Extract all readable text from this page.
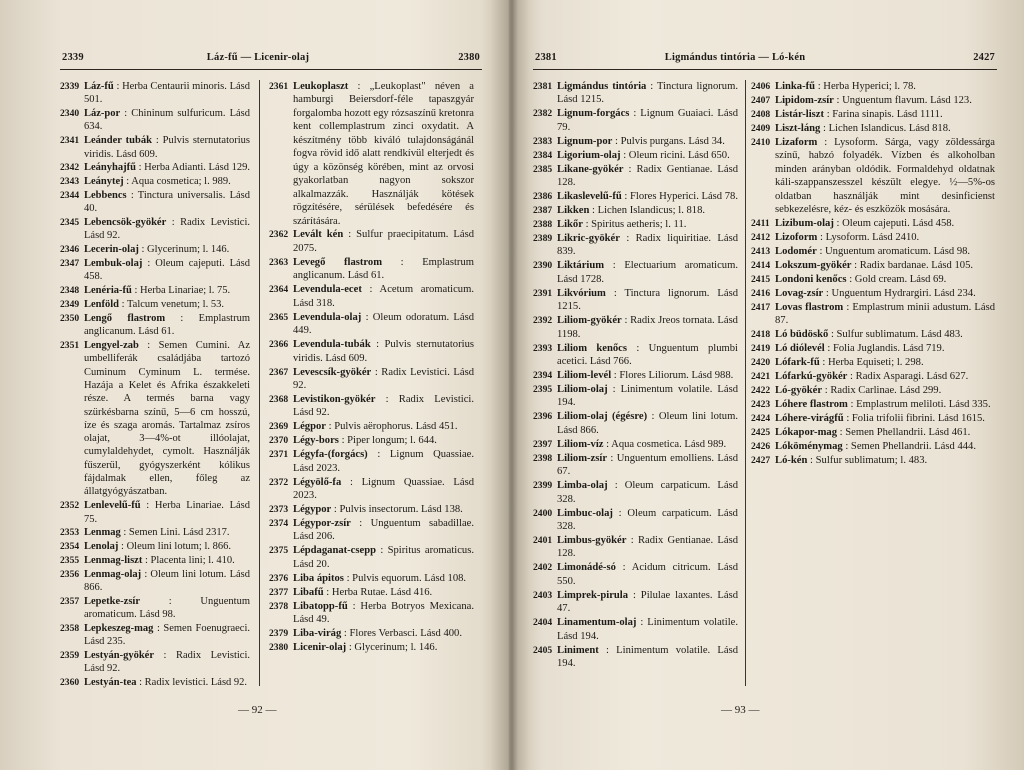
2339	Láz-fű — Licenir-olaj	2380
2339 Láz-fű : Herba Centaurii minoris. Lásd 501.
2340 Láz-por : Chininum sulfuricum. Lásd 634.
2341 Leánder tubák : Pulvis sternutatorius viridis. Lásd 609.
2342 Leányhajfű : Herba Adianti. Lásd 129.
2343 Leánytej : Aqua cosmetica; l. 989.
2344 Lebbencs : Tinctura universalis. Lásd 40.
2345 Lebencsök-gyökér : Radix Levistici. Lásd 92.
2346 Lecerin-olaj : Glycerinum; l. 146.
2347 Lembuk-olaj : Oleum cajeputi. Lásd 458.
2348 Lenéria-fű : Herba Linariae; l. 75.
2349 Lenföld : Talcum venetum; l. 53.
2350 Lengő flastrom : Emplastrum anglicanum. Lásd 61.
2351 Lengyel-zab : Semen Cumini. Az umbelliferák családjába tartozó Cuminum Cyminum L. termése. Hazája a Kelet és Afrika északkeleti része. A termés barna vagy szürkésbarna színű, 5—6 cm hosszú, íze és szaga aromás. Tartalmaz zsíros olajat, 3—4%-ot illóolajat, cumylaldehydet, cymolt. Használják fűszerül, gyógyszerként kólikus fájdalmak ellen, főleg az állatgyógyászatban.
2352 Lenlevelű-fű : Herba Linariae. Lásd 75.
2353 Lenmag : Semen Lini. Lásd 2317.
2354 Lenolaj : Oleum lini lotum; l. 866.
2355 Lenmag-liszt : Placenta lini; l. 410.
2356 Lenmag-olaj : Oleum lini lotum. Lásd 866.
2357 Lepetke-zsír	: Unguentum aromaticum. Lásd 98.
2358 Lepkeszeg-mag : Semen Foenugraeci. Lásd 235.
2359 Lestyán-gyökér : Radix Levistici. Lásd 92.
2360 Lestyán-tea : Radix levistici. Lásd 92.
2361 Leukoplaszt : „Leukoplast" néven a hamburgi Beiersdorf-féle tapaszgyár forgalomba hozott egy rózsaszínű kretonra kent collemplastrum zinci oxydatit. A készítmény több kiváló tulajdonságánál fogva rövid idő alatt rendkívül elterjedt és úgy a közönség körében, mint az orvosi gyakorlatban nagyon sokszor alkalmazzák. Használják kötések rögzítésére, sérülések befedésére és szárítására.
2362 Levált kén : Sulfur praecipitatum. Lásd 2075.
2363 Levegő flastrom : Emplastrum anglicanum. Lásd 61.
2364 Levendula-ecet : Acetum aromaticum. Lásd 318.
2365 Levendula-olaj : Oleum odoratum. Lásd 449.
2366 Levendula-tubák : Pulvis sternutatorius viridis. Lásd 609.
2367 Levescsík-gyökér : Radix Levistici. Lásd 92.
2368 Levistikon-gyökér : Radix Levistici. Lásd 92.
2369 Légpor : Pulvis aërophorus. Lásd 451.
2370 Légy-bors : Piper longum; l. 644.
2371 Légyfa-(forgács) : Lignum Quassiae. Lásd 2023.
2372 Légyölő-fa : Lignum Quassiae. Lásd 2023.
2373 Légypor : Pulvis insectorum. Lásd 138.
2374 Légypor-zsír : Unguentum sabadillae. Lásd 206.
2375 Lépdaganat-csepp : Spiritus aromaticus. Lásd 20.
2376 Liba ápitos : Pulvis equorum. Lásd 108.
2377 Libafű : Herba Rutae. Lásd 416.
2378 Libatopp-fű : Herba Botryos Mexicana. Lásd 49.
2379 Liba-virág : Flores Verbasci. Lásd 400.
2380 Licenir-olaj : Glycerinum; l. 146.
— 92 —
2381	Ligmándus tintória — Ló-kén	2427
2381 Ligmándus tintória : Tinctura lignorum. Lásd 1215.
2382 Lignum-forgács : Lignum Guaiaci. Lásd 79.
2383 Lignum-por : Pulvis purgans. Lásd 34.
2384 Ligorium-olaj : Oleum ricini. Lásd 650.
2385 Likane-gyökér : Radix Gentianae. Lásd 128.
2386 Likaslevelű-fű : Flores Hyperici. Lásd 78.
2387 Likken : Lichen Islandicus; l. 818.
2388 Likőr : Spiritus aetheris; l. 11.
2389 Likric-gyökér : Radix liquiritiae. Lásd 839.
2390 Liktárium : Electuarium aromaticum. Lásd 1728.
2391 Likvórium : Tinctura lignorum. Lásd 1215.
2392 Liliom-gyökér : Radix Jreos tornata. Lásd 1198.
2393 Liliom kenőcs : Unguentum plumbi acetici. Lásd 766.
2394 Liliom-levél : Flores Liliorum. Lásd 988.
2395 Liliom-olaj : Linimentum volatile. Lásd 194.
2396 Liliom-olaj (égésre) : Oleum lini lotum. Lásd 866.
2397 Liliom-víz : Aqua cosmetica. Lásd 989.
2398 Liliom-zsír : Unguentum emolliens. Lásd 67.
2399 Limba-olaj : Oleum carpaticum. Lásd 328.
2400 Limbuc-olaj : Oleum carpaticum. Lásd 328.
2401 Limbus-gyökér : Radix Gentianae. Lásd 128.
2402 Limonádé-só : Acidum citricum. Lásd 550.
2403 Limprek-pirula : Pilulae laxantes. Lásd 47.
2404 Linamentum-olaj : Linimentum volatile. Lásd 194.
2405 Liniment : Linimentum volatile. Lásd 194.
2406 Linka-fű : Herba Hyperici; l. 78.
2407 Lipidom-zsír : Unguentum flavum. Lásd 123.
2408 Listár-liszt : Farina sinapis. Lásd 1111.
2409 Liszt-láng : Lichen Islandicus. Lásd 818.
2410 Lizaform : Lysoform. Sárga, vagy zöldessárga színű, habzó folyadék. Vízben és alkoholban minden arányban oldódik. Formaldehyd oldatnak káli-szappanszesszel készült elegye. ½—5%-os oldatban használják mint desinficienst sebkezelésre, kéz- és eszközök mosására.
2411 Lizibum-olaj : Oleum cajeputi. Lásd 458.
2412 Lizoform : Lysoform. Lásd 2410.
2413 Lodomér : Unguentum aromaticum. Lásd 98.
2414 Lokszum-gyökér : Radix bardanae. Lásd 105.
2415 Londoni kenőcs : Gold cream. Lásd 69.
2416 Lovag-zsír : Unguentum Hydrargiri. Lásd 234.
2417 Lovas flastrom : Emplastrum minii adustum. Lásd 87.
2418 Ló büdöskő : Sulfur sublimatum. Lásd 483.
2419 Ló diólevél : Folia Juglandis. Lásd 719.
2420 Lófark-fű : Herba Equiseti; l. 298.
2421 Lófarkú-gyökér : Radix Asparagi. Lásd 627.
2422 Ló-gyökér : Radix Carlinae. Lásd 299.
2423 Lóhere flastrom : Emplastrum meliloti. Lásd 335.
2424 Lóhere-virágfű : Folia trifolii fibrini. Lásd 1615.
2425 Lókapor-mag : Semen Phellandrii. Lásd 461.
2426 Lóköménymag : Semen Phellandrii. Lásd 444.
2427 Ló-kén : Sulfur sublimatum; l. 483.
— 93 —
